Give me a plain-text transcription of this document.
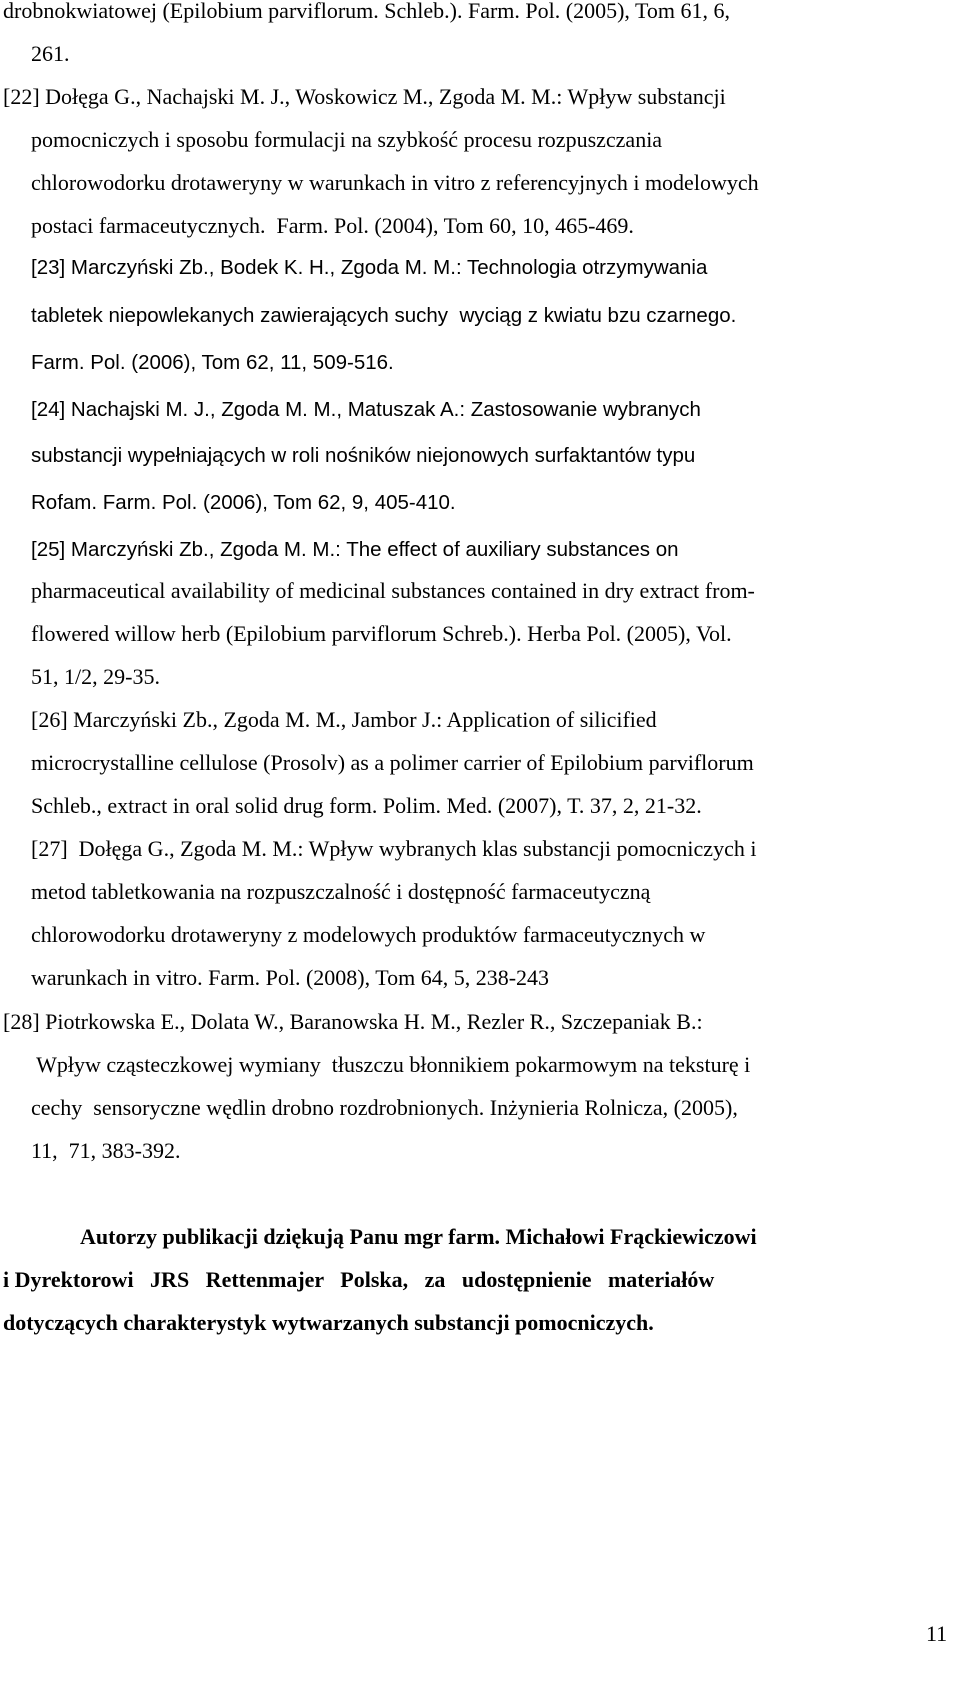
drobnokwiatowej (Epilobium parviflorum. Schleb.). Farm. Pol. (2005), Tom 61, 6,
261.
[22] Dołęga G., Nachajski M. J., Woskowicz M., Zgoda M. M.: Wpływ substancji
pomocniczych i sposobu formulacji na szybkość procesu rozpuszczania
chlorowodorku drotaweryny w warunkach in vitro z referencyjnych i modelowych
postaci farmaceutycznych.  Farm. Pol. (2004), Tom 60, 10, 465-469.
[23] Marczyński Zb., Bodek K. H., Zgoda M. M.: Technologia otrzymywania
tabletek niepowlekanych zawierających suchy  wyciąg z kwiatu bzu czarnego.
Farm. Pol. (2006), Tom 62, 11, 509-516.
[24] Nachajski M. J., Zgoda M. M., Matuszak A.: Zastosowanie wybranych
substancji wypełniających w roli nośników niejonowych surfaktantów typu
Rofam. Farm. Pol. (2006), Tom 62, 9, 405-410.
[25] Marczyński Zb., Zgoda M. M.: The effect of auxiliary substances on
pharmaceutical availability of medicinal substances contained in dry extract from-
flowered willow herb (Epilobium parviflorum Schreb.). Herba Pol. (2005), Vol.
51, 1/2, 29-35.
[26] Marczyński Zb., Zgoda M. M., Jambor J.: Application of silicified
microcrystalline cellulose (Prosolv) as a polimer carrier of Epilobium parviflorum
Schleb., extract in oral solid drug form. Polim. Med. (2007), T. 37, 2, 21-32.
[27]  Dołęga G., Zgoda M. M.: Wpływ wybranych klas substancji pomocniczych i
metod tabletkowania na rozpuszczalność i dostępność farmaceutyczną
chlorowodorku drotaweryny z modelowych produktów farmaceutycznych w
warunkach in vitro. Farm. Pol. (2008), Tom 64, 5, 238-243
[28] Piotrkowska E., Dolata W., Baranowska H. M., Rezler R., Szczepaniak B.:
Wpływ cząsteczkowej wymiany  tłuszczu błonnikiem pokarmowym na teksturę i
cechy  sensoryczne wędlin drobno rozdrobnionych. Inżynieria Rolnicza, (2005),
11,  71, 383-392.
Autorzy publikacji dziękują Panu mgr farm. Michałowi Frąckiewiczowi
i Dyrektorowi   JRS   Rettenmajer   Polska,   za   udostępnienie   materiałów
dotyczących charakterystyk wytwarzanych substancji pomocniczych.
11
